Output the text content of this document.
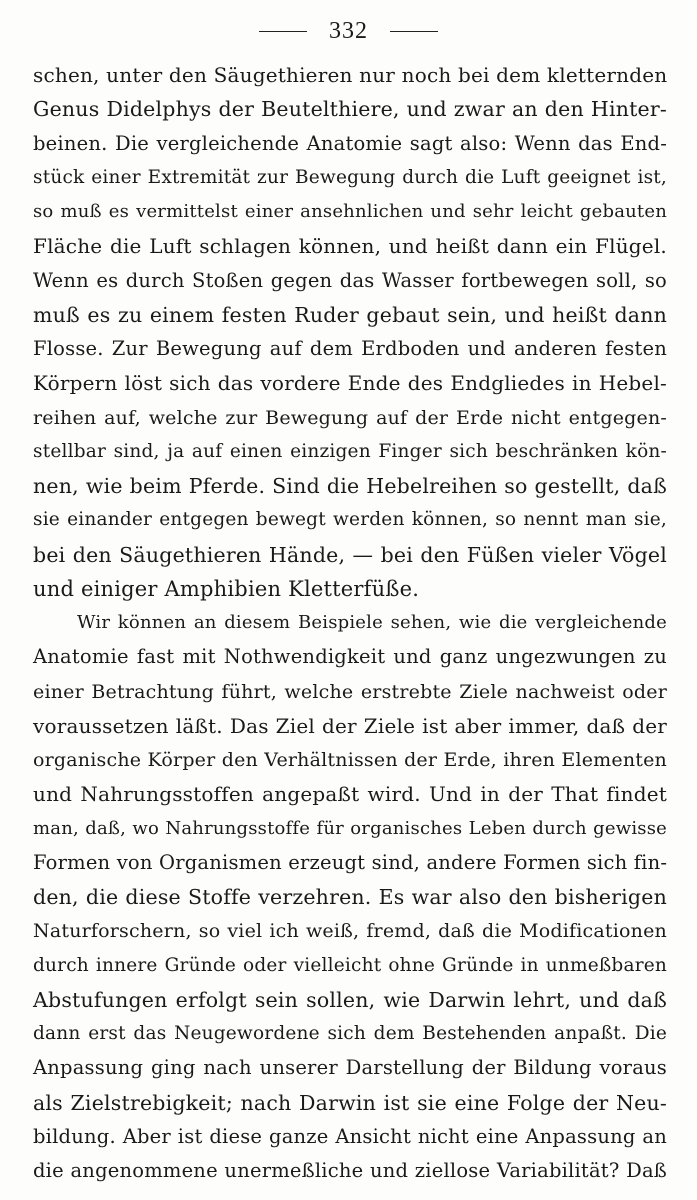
332
schen, unter den Säugethieren nur noch bei dem kletternden
Genus Didelphys der Beutelthiere, und zwar an den Hinter-
beinen. Die vergleichende Anatomie sagt also: Wenn das End-
stück einer Extremität zur Bewegung durch die Luft geeignet ist,
so muß es vermittelst einer ansehnlichen und sehr leicht gebauten
Fläche die Luft schlagen können, und heißt dann ein Flügel.
Wenn es durch Stoßen gegen das Wasser fortbewegen soll, so
muß es zu einem festen Ruder gebaut sein, und heißt dann
Flosse. Zur Bewegung auf dem Erdboden und anderen festen
Körpern löst sich das vordere Ende des Endgliedes in Hebel-
reihen auf, welche zur Bewegung auf der Erde nicht entgegen-
stellbar sind, ja auf einen einzigen Finger sich beschränken kön-
nen, wie beim Pferde. Sind die Hebelreihen so gestellt, daß
sie einander entgegen bewegt werden können, so nennt man sie,
bei den Säugethieren Hände, — bei den Füßen vieler Vögel
und einiger Amphibien Kletterfüße.
Wir können an diesem Beispiele sehen, wie die vergleichende
Anatomie fast mit Nothwendigkeit und ganz ungezwungen zu
einer Betrachtung führt, welche erstrebte Ziele nachweist oder
voraussetzen läßt. Das Ziel der Ziele ist aber immer, daß der
organische Körper den Verhältnissen der Erde, ihren Elementen
und Nahrungsstoffen angepaßt wird. Und in der That findet
man, daß, wo Nahrungsstoffe für organisches Leben durch gewisse
Formen von Organismen erzeugt sind, andere Formen sich fin-
den, die diese Stoffe verzehren. Es war also den bisherigen
Naturforschern, so viel ich weiß, fremd, daß die Modificationen
durch innere Gründe oder vielleicht ohne Gründe in unmeßbaren
Abstufungen erfolgt sein sollen, wie Darwin lehrt, und daß
dann erst das Neugewordene sich dem Bestehenden anpaßt. Die
Anpassung ging nach unserer Darstellung der Bildung voraus
als Zielstrebigkeit; nach Darwin ist sie eine Folge der Neu-
bildung. Aber ist diese ganze Ansicht nicht eine Anpassung an
die angenommene unermeßliche und ziellose Variabilität? Daß
